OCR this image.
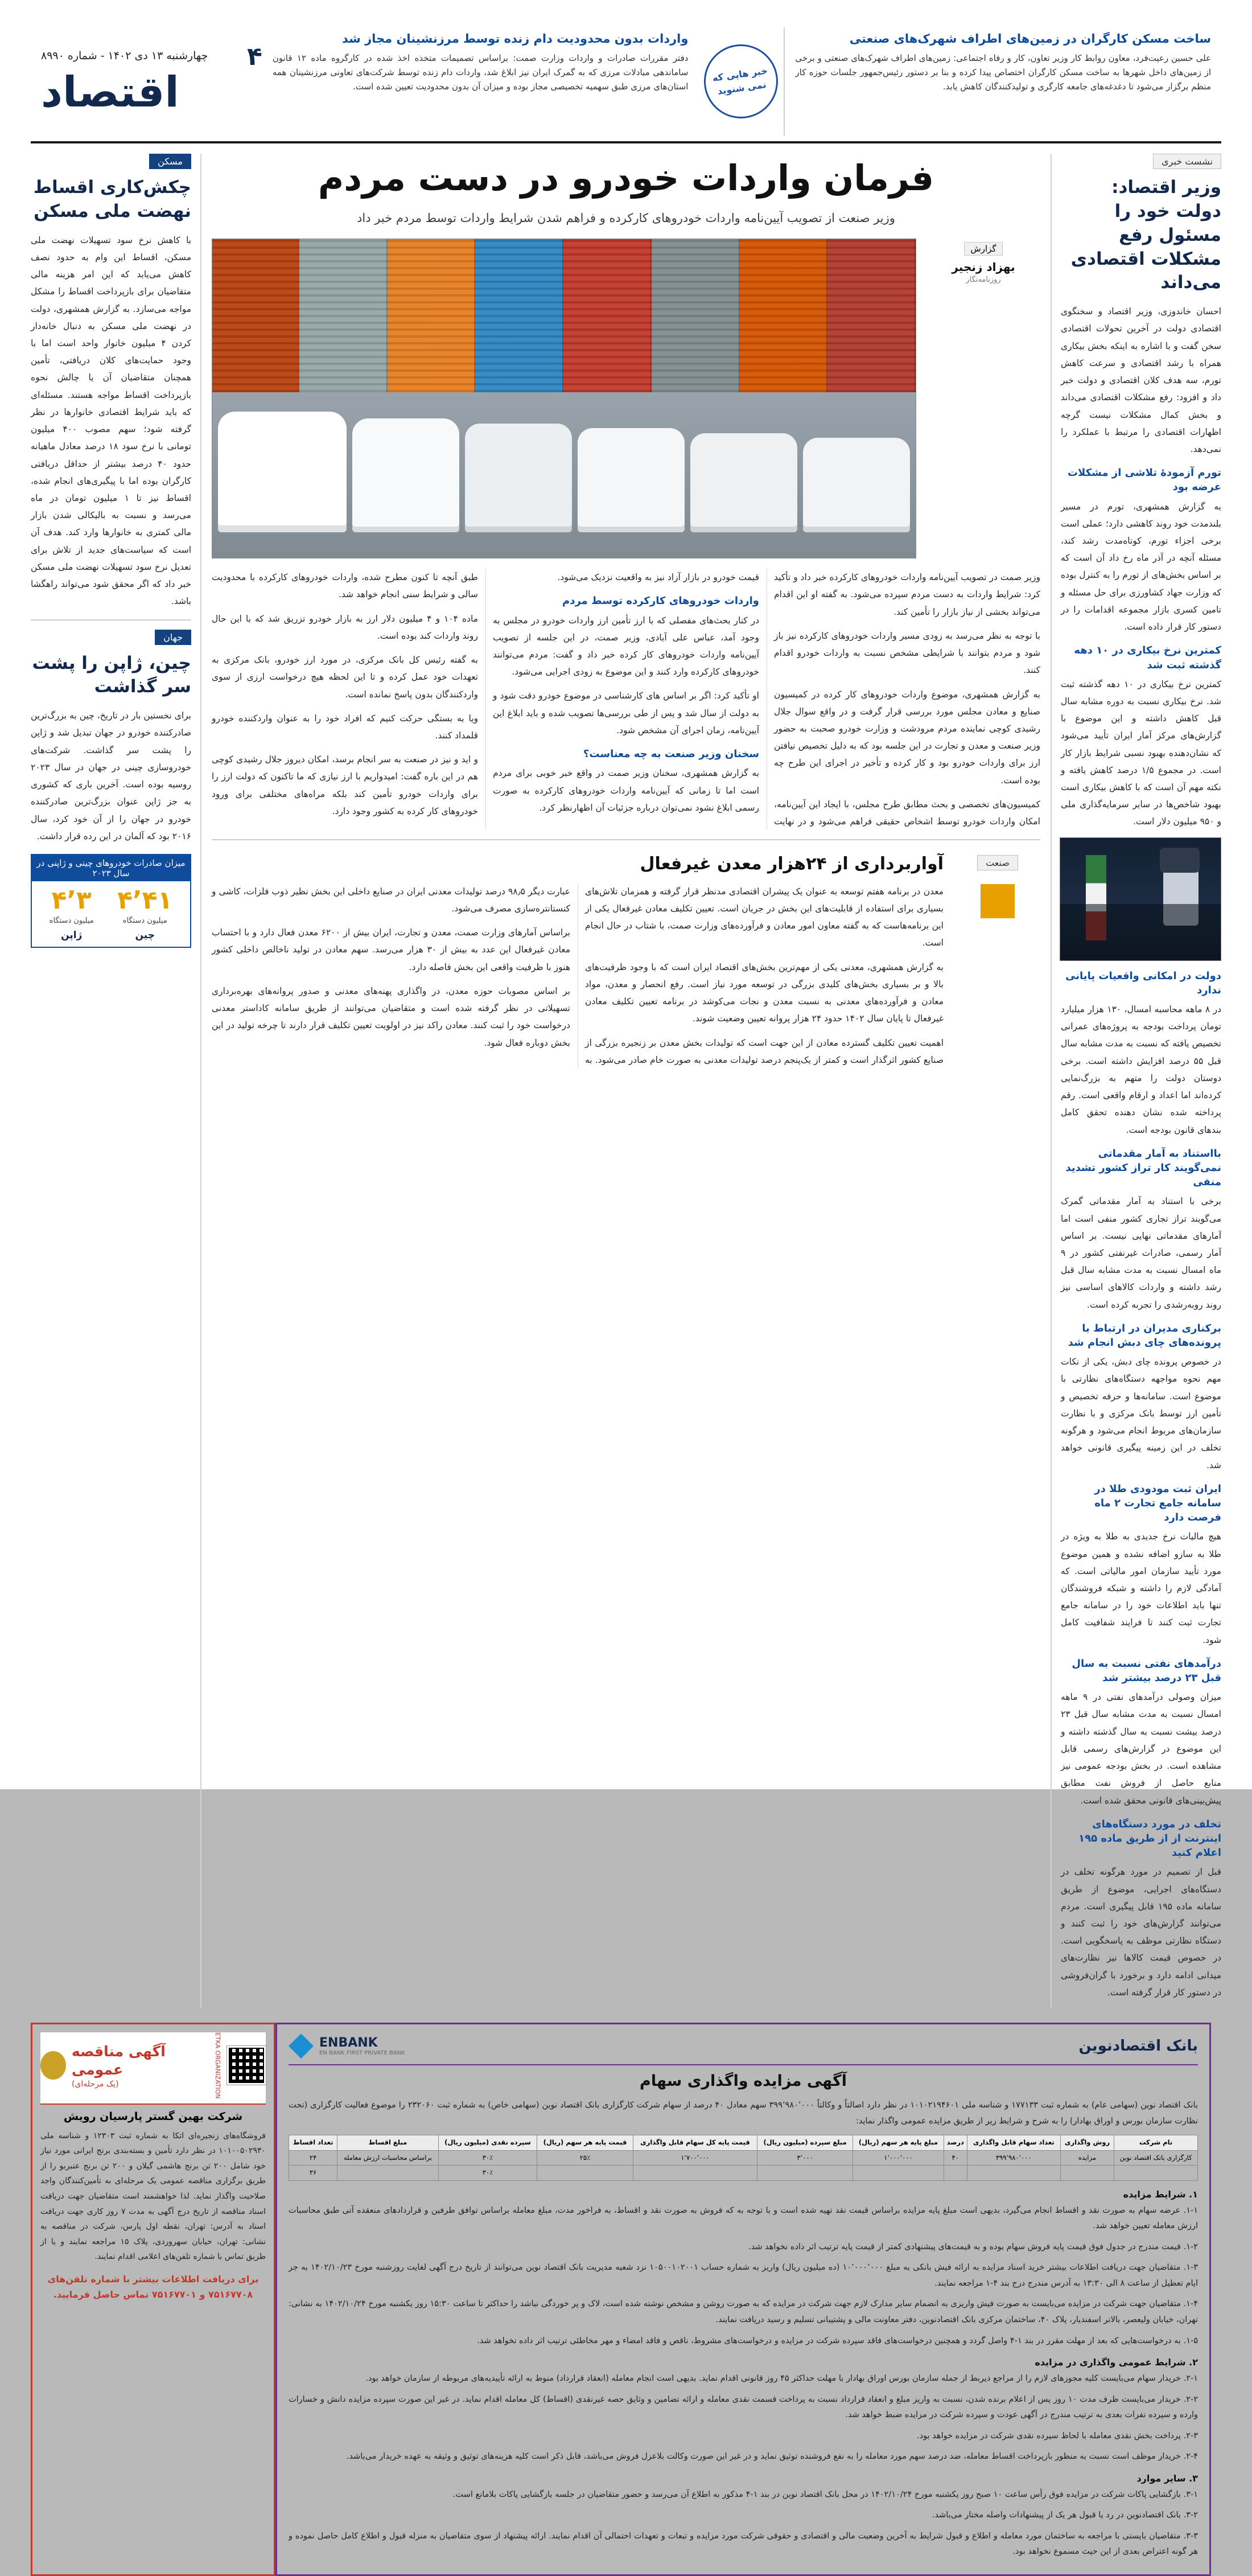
ساخت مسکن کارگران در زمین‌های اطراف شهرک‌های صنعتی

علی حسین رعیت‌فرد، معاون روابط کار وزیر تعاون، کار و رفاه اجتماعی: زمین‌های اطراف شهرک‌های صنعتی و برخی از زمین‌های داخل شهرها به ساخت مسکن کارگران اختصاص پیدا کرده و بنا بر دستور رئیس‌جمهور جلسات حوزه کار منظم برگزار می‌شود تا دغدغه‌های جامعه کارگری و تولیدکنندگان کاهش یابد.

خبر هایی که نمی شنوید
واردات بدون محدودیت دام زنده توسط مرزنشینان مجاز شد

دفتر مقررات صادرات و واردات وزارت صمت: براساس تصمیمات متخذه اخذ شده در کارگروه ماده ۱۲ قانون ساماندهی مبادلات مرزی که به گمرک ایران نیز ابلاغ شد، واردات دام زنده توسط شرکت‌های تعاونی مرزنشینان همه استان‌های مرزی طبق سهمیه تخصیصی مجاز بوده و میزان آن بدون محدودیت تعیین شده است.

۴
چهارشنبه ۱۳ دی ۱۴۰۲ - شماره ۸۹۹۰
اقتصاد
نشست خبری
وزیر اقتصاد: دولت خود را مسئول رفع مشکلات اقتصادی می‌داند

احسان خاندوزی، وزیر اقتصاد و سخنگوی اقتصادی دولت در آخرین تحولات اقتصادی سخن گفت و با اشاره به اینکه بخش بیکاری همراه با رشد اقتصادی و سرعت کاهش تورم، سه هدف کلان اقتصادی و دولت خبر داد و افزود: رفع مشکلات اقتصادی می‌داند و بخش کمال مشکلات نیست گرچه اظهارات اقتصادی را مرتبط با عملکرد را نمی‌دهد.

تورم آزمودهٔ تلاشی از مشکلات عرضه بود

به گزارش همشهری، تورم در مسیر بلندمدت خود روند کاهشی دارد؛ عملی است برخی اجزاء تورم، کوتاه‌مدت رشد کند، مسئله آنچه در آذر ماه رخ داد آن است که بر اساس بخش‌های از تورم را به کنترل بوده که وزارت جهاد کشاورزی برای حل مسئله و تامین کسری بازار مجموعه اقدامات را در دستور کار قرار داده است.

کمترین نرخ بیکاری در ۱۰ دهه گذشته ثبت شد

کمترین نرخ بیکاری در ۱۰ دهه گذشته ثبت شد. نرخ بیکاری نسبت به دوره مشابه سال قبل کاهش داشته و این موضوع با گزارش‌های مرکز آمار ایران تأیید می‌شود که نشان‌دهنده بهبود نسبی شرایط بازار کار است. در مجموع ۱/۵ درصد کاهش یافته و نکته مهم آن است که با کاهش بیکاری است بهبود شاخص‌ها در سایر سرمایه‌گذاری ملی و ۹۵۰ میلیون دلار است.

دولت در امکانی واقعیات پایانی ندارد

در ۸ ماهه محاسبه امسال، ۱۳۰ هزار میلیارد تومان پرداخت بودجه به پروژه‌های عمرانی تخصیص یافته که نسبت به مدت مشابه سال قبل ۵۵ درصد افزایش داشته است. برخی دوستان دولت را متهم به بزرگ‌نمایی کرده‌اند اما اعداد و ارقام واقعی است. رقم پرداخته شده نشان دهنده تحقق کامل بندهای قانون بودجه است.

بااستناد به آمار مقدماتی نمی‌گویند کار تراز کشور تشدید منفی

برخی با استناد به آمار مقدماتی گمرک می‌گویند تراز تجاری کشور منفی است اما آمارهای مقدماتی نهایی نیست. بر اساس آمار رسمی، صادرات غیرنفتی کشور در ۹ ماه امسال نسبت به مدت مشابه سال قبل رشد داشته و واردات کالاهای اساسی نیز روند روبه‌رشدی را تجربه کرده است.

برکناری مدیران در ارتباط با پرونده‌های چای دبش انجام شد

در خصوص پرونده چای دبش، یکی از نکات مهم نحوه مواجهه دستگاه‌های نظارتی با موضوع است. سامانه‌ها و حرفه تخصیص و تأمین ارز توسط بانک مرکزی و با نظارت سازمان‌های مربوط انجام می‌شود و هرگونه تخلف در این زمینه پیگیری قانونی خواهد شد.

ایران ثبت مودودی طلا در سامانه جامع تجارت ۲ ماه فرصت دارد

هیچ مالیات نرخ جدیدی به طلا به ویژه در طلا به سازو اضافه نشده و همین موضوع مورد تأیید سازمان امور مالیاتی است. که آمادگی لازم را داشته و شبکه فروشندگان تنها باید اطلاعات خود را در سامانه جامع تجارت ثبت کنند تا فرایند شفافیت کامل شود.

درآمدهای نفتی نسبت به سال قبل ۲۳ درصد بیشتر شد

میزان وصولی درآمدهای نفتی در ۹ ماهه امسال نسبت به مدت مشابه سال قبل ۲۳ درصد بیشت نسبت به سال گذشته داشته و این موضوع در گزارش‌های رسمی قابل مشاهده است. در بخش بودجه عمومی نیز منابع حاصل از فروش نفت مطابق پیش‌بینی‌های قانونی محقق شده است.

تخلف در مورد دستگاه‌های اینترنت از از طریق ماده ۱۹۵ اعلام کنید

قبل از تصمیم در مورد هرگونه تخلف در دستگاه‌های اجرایی، موضوع از طریق سامانه ماده ۱۹۵ قابل پیگیری است. مردم می‌توانند گزارش‌های خود را ثبت کنند و دستگاه نظارتی موظف به پاسخگویی است. در خصوص قیمت کالاها نیز نظارت‌های میدانی ادامه دارد و برخورد با گران‌فروشی در دستور کار قرار گرفته است.

فرمان واردات خودرو در دست مردم

وزیر صنعت از تصویب آیین‌نامه واردات خودروهای کارکرده و فراهم شدن شرایط واردات توسط مردم خبر داد

گزارش
بهزاد زنجیر
روزنامه‌نگار

وزیر صمت در تصویب آیین‌نامه واردات خودروهای کارکرده خبر داد و تأکید کرد: شرایط واردات به دست مردم سپرده می‌شود. به گفته او این اقدام می‌تواند بخشی از نیاز بازار را تأمین کند.

با توجه به نظر می‌رسد به زودی مسیر واردات خودروهای کارکرده نیز باز شود و مردم بتوانند با شرایطی مشخص نسبت به واردات خودرو اقدام کنند.

به گزارش همشهری، موضوع واردات خودروهای کار کرده در کمیسیون صنایع و معادن مجلس مورد بررسی قرار گرفت و در واقع سوال جلال رشیدی کوچی نماینده مردم مرودشت و وزارت خودرو صحبت به حضور وزیر صنعت و معدن و تجارت در این جلسه بود که به دلیل تخصیص نیافتن ارز برای واردات خودرو بود و کار کرده و تأخیر در اجرای این طرح چه بوده است.

کمیسیون‌های تخصصی و بحث مطابق طرح مجلس، با ایجاد این آیین‌نامه، امکان واردات خودرو توسط اشخاص حقیقی فراهم می‌شود و در نهایت قیمت خودرو در بازار آزاد نیز به واقعیت نزدیک می‌شود.

واردات خودروهای کارکرده توسط مردم

در کنار بحث‌های مفصلی که با ارز تأمین ارز واردات خودرو در مجلس به وجود آمد، عباس علی آبادی، وزیر صمت، در این جلسه از تصویب آیین‌نامه واردات خودروهای کار کرده خبر داد و گفت: مردم می‌توانند خودروهای کارکرده وارد کنند و این موضوع به زودی اجرایی می‌شود.

او تأکید کرد: اگر بر اساس های کارشناسی در موضوع خودرو دقت شود و به دولت از سال شد و پس از طی بررسی‌ها تصویب شده و باید ابلاغ این آیین‌نامه، زمان اجرای آن مشخص شود.

سخنان وزیر صنعت به چه معناست؟

به گزارش همشهری، سخنان وزیر صمت در واقع خبر خوبی برای مردم است اما تا زمانی که آیین‌نامه واردات خودروهای کارکرده به صورت رسمی ابلاغ نشود نمی‌توان درباره جزئیات آن اظهارنظر کرد.

طبق آنچه تا کنون مطرح شده، واردات خودروهای کارکرده با محدودیت سالی و شرایط سنی انجام خواهد شد.

ماده ۱۰۴ و ۴ میلیون دلار ارز به بازار خودرو تزریق شد که با این حال روند واردات کند بوده است.

به گفته رئیس کل بانک مرکزی، در مورد ارز خودرو، بانک مرکزی به تعهدات خود عمل کرده و تا این لحظه هیچ درخواست ارزی از سوی واردکنندگان بدون پاسخ نمانده است.

ویا به بستگی حرکت کنیم که افراد خود را به عنوان واردکننده خودرو قلمداد کنند.

و اید و نیز در صنعت به سر انجام برسد، امکان دیروز جلال رشیدی کوچی هم در این باره گفت: امیدواریم با ارز نیازی که ما تاکنون که دولت ارز را برای واردات خودرو تأمین کند بلکه مراه‌های مختلفی برای ورود خودروهای کار کرده به کشور وجود دارد.

صنعت
آواربرداری از ۲۴هزار معدن غیرفعال

معدن در برنامه هفتم توسعه به عنوان یک پیشران اقتصادی مدنظر قرار گرفته و همزمان تلاش‌های بسیاری برای استفاده از قابلیت‌های این بخش در جریان است. تعیین تکلیف معادن غیرفعال یکی از این برنامه‌هاست که به گفته معاون امور معادن و فرآورده‌های وزارت صمت، با شتاب در حال انجام است.

به گزارش همشهری، معدنی یکی از مهم‌ترین بخش‌های اقتصاد ایران است که با وجود ظرفیت‌های بالا و بر بسیاری بخش‌های کلیدی بزرگی در توسعه مورد نیاز است. رفع انحصار و معدن، مواد معادن و فرآورده‌های معدنی به نسبت معدن و نجات می‌کوشد در برنامه تعیین تکلیف معادن غیرفعال تا پایان سال ۱۴۰۲ حدود ۲۴ هزار پروانه تعیین وضعیت شوند.

اهمیت تعیین تکلیف گسترده معادن از این جهت است که تولیدات بخش معدن بر زنجیره بزرگی از صنایع کشور اثرگذار است و کمتر از یک‌پنجم درصد تولیدات معدنی به صورت خام صادر می‌شود. به عبارت دیگر ۹۸٫۵ درصد تولیدات معدنی ایران در صنایع داخلی این بخش نظیر ذوب فلزات، کاشی و کنستانتره‌سازی مصرف می‌شود.

براساس آمارهای وزارت صمت، معدن و تجارت، ایران بیش از ۶۲۰۰ معدن فعال دارد و با احتساب معادن غیرفعال این عدد به بیش از ۳۰ هزار می‌رسد. سهم معادن در تولید ناخالص داخلی کشور هنوز با ظرفیت واقعی این بخش فاصله دارد.

بر اساس مصوبات حوزه معدن، در واگذاری پهنه‌های معدنی و صدور پروانه‌های بهره‌برداری تسهیلاتی در نظر گرفته شده است و متقاضیان می‌توانند از طریق سامانه کاداستر معدنی درخواست خود را ثبت کنند. معادن راکد نیز در اولویت تعیین تکلیف قرار دارند تا چرخه تولید در این بخش دوباره فعال شود.

مسکن
چکش‌کاری اقساط نهضت ملی مسکن

با کاهش نرخ سود تسهیلات نهضت ملی مسکن، اقساط این وام به حدود نصف کاهش می‌یابد که این امر هزینه مالی متقاضیان برای بازپرداخت اقساط را مشکل مواجه می‌سازد. به گزارش همشهری، دولت در نهضت ملی مسکن به دنبال خانه‌دار کردن ۴ میلیون خانوار واحد است اما با وجود حمایت‌های کلان دریافتی، تأمین همچنان متقاضیان آن یا چالش نحوه بازپرداخت اقساط مواجه هستند. مسئله‌ای که باید شرایط اقتصادی خانوارها در نظر گرفته شود؛ سهم مصوب ۴۰۰ میلیون تومانی با نرخ سود ۱۸ درصد معادل ماهیانه حدود ۴۰ درصد بیشتر از حداقل دریافتی کارگران بوده اما با پیگیری‌های انجام شده، اقساط نیز تا ۱ میلیون تومان در ماه می‌رسد و نسبت به بالیکالی شدن بازار مالی کمتری به خانوارها وارد کند. هدف آن است که سیاست‌های جدید از تلاش برای تعدیل نرخ سود تسهیلات نهضت ملی مسکن خبر داد که اگر محقق شود می‌تواند راهگشا باشد.

جهان
چین، ژاپن را پشت سر گذاشت

برای نخستین بار در تاریخ، چین به بزرگ‌ترین صادرکننده خودرو در جهان تبدیل شد و ژاپن را پشت سر گذاشت. شرکت‌های خودروسازی چینی در جهان در سال ۲۰۲۳ روسیه بوده است. آخرین باری که کشوری به جز ژاپن عنوان بزرگ‌ترین صادرکننده خودرو در جهان را از آن خود کرد، سال ۲۰۱۶ بود که آلمان در این رده قرار داشت.

میزان صادرات خودروهای چینی و ژاپنی در سال ۲۰۲۳
۴٬۴۱
میلیون دستگاه
چین
۴٬۳
میلیون دستگاه
ژاپن
بانک اقتصادنوین
ENBANK
EN BANK FIRST PRIVATE BANK
آگهی مزایده واگذاری سهام

بانک اقتصاد نوین (سهامی عام) به شماره ثبت ۱۷۷۱۳۳ و شناسه ملی ۱۰۱۰۲۱۹۴۶۰۱ در نظر دارد اصالتاً و وکالتاً ۳۹۹٬۹۸۰٬۰۰۰ سهم معادل ۴۰ درصد از سهام شرکت کارگزاری بانک اقتصاد نوین (سهامی خاص) به شماره ثبت ۲۳۲۰۶۰ را موضوع فعالیت کارگزاری (تحت نظارت سازمان بورس و اوراق بهادار) را به شرح و شرایط زیر از طریق مزایده عمومی واگذار نماید:

نام شرکت	روش واگذاری	تعداد سهام قابل واگذاری	درصد	مبلغ پایه هر سهم (ریال)	مبلغ سپرده (میلیون ریال)	قیمت پایه کل سهام قابل واگذاری	قیمت پایه هر سهم (ریال)	سپرده نقدی (میلیون ریال)	مبلغ اقساط	تعداد اقساط
کارگزاری بانک اقتصاد نوین	مزایده	۳۹۹٬۹۸۰٬۰۰۰	۴۰	۱٬۰۰۰٬۰۰۰	۳٬۰۰۰	۱٬۷۰۰٬۰۰۰	۲۵٪	۳۰٪	براساس محاسبات ارزش معامله	۲۴
								۳۰٪		۳۶
۱. شرایط مزایده

۱-۱. عرضه سهام به صورت نقد و اقساط انجام می‌گیرد، بدیهی است مبلغ پایه مزایده براساس قیمت نقد تهیه شده است و با توجه به که فروش به صورت نقد و اقساط، به فراخور مدت، مبلغ معامله براساس توافق طرفین و قراردادهای منعقده آتی طبق محاسبات ارزش معامله تعیین خواهد شد.

۱-۲. قیمت مندرج در جدول فوق قیمت پایه فروش سهام بوده و به قیمت‌های پیشنهادی کمتر از قیمت پایه ترتیب اثر داده نخواهد شد.

۱-۳. متقاضیان جهت دریافت اطلاعات بیشتر خرید اسناد مزایده به ارائه فیش بانکی به مبلغ ۱۰٬۰۰۰٬۰۰۰ (ده میلیون ریال) واریز به شماره حساب ۱۰۵۰۰۱۰۲۰۰۱ نزد شعبه مدیریت بانک اقتصاد نوین می‌توانند از تاریخ درج آگهی لغایت روزشنبه مورخ ۱۴۰۲/۱۰/۲۳ به جز ایام تعطیل از ساعت ۸ الی ۱۳:۳۰ به آدرس مندرج درج بند ۴-۱ مراجعه نمایند.

۱-۴. متقاضیان جهت شرکت در مزایده می‌بایست به صورت فیش واریزی به انضمام سایر مدارک لازم جهت شرکت در مزایده که به صورت روشن و مشخص نوشته شده است، لاک و پر خوردگی نباشد را حداکثر تا ساعت ۱۵:۳۰ روز یکشنبه مورخ ۱۴۰۲/۱۰/۲۴ به نشانی: تهران، خیابان ولیعصر، بالاتر اسفندیار، پلاک ۴۰، ساختمان مرکزی بانک اقتصادنوین، دفتر معاونت مالی و پشتیبانی تسلیم و رسید دریافت نمایند.

۱-۵. به درخواست‌هایی که بعد از مهلت مقرر در بند ۱-۴ واصل گردد و همچنین درخواست‌های فاقد سپرده شرکت در مزایده و درخواست‌های مشروط، ناقص و فاقد امضاء و مهر مخاطئی ترتیب اثر داده نخواهد شد.

۲. شرایط عمومی واگذاری در مزایده

۲-۱. خریدار سهام می‌بایست کلیه مجوزهای لازم را از مراجع ذیربط از جمله سازمان بورس اوراق بهادار با مهلت حداکثر ۴۵ روز قانونی اقدام نماید. بدیهی است انجام معامله (انعقاد قرارداد) منوط به ارائه تأییدیه‌های مربوطه از سازمان خواهد بود.

۲-۲. خریدار می‌بایست ظرف مدت ۱۰ روز پس از اعلام برنده شدن، نسبت به واریز مبلغ و انعقاد قرارداد نسبت به پرداخت قسمت نقدی معامله و ارائه تضامین و وثایق حصه غیرنقدی (اقساط) کل معامله اقدام نماید. در غیر این صورت سپرده مزایده دانش و خسارات وارده و سپرده نفرات بعدی به ترتیب مندرج در آگهی عودت و سپرده شرکت در مزایده ضبط خواهد شد.

۲-۳. پرداخت بخش نقدی معامله با لحاظ سپرده نقدی شرکت در مزایده خواهد بود.

۲-۴. خریدار موظف است نسبت به منظور بازپرداخت اقساط معامله، ضد درصد سهم مورد معامله را به نفع فروشنده توثیق نماید و در غیر این صورت وکالت بلاعزل فروش می‌باشد، قابل ذکر است کلیه هزینه‌های توثیق و وثیقه به عهده خریدار می‌باشد.

۳. سایر موارد

۳-۱. بازگشایی پاکات شرکت در مزایده فوق رأس ساعت ۱۰ صبح روز یکشنبه مورخ ۱۴۰۲/۱۰/۲۴ در محل بانک اقتصاد نوین در بند ۱-۴ مذکور به اطلاع آن می‌رسد و حضور متقاضیان در جلسه بازگشایی پاکات بلامانع است.

۳-۲. بانک اقتصادنوین در رد یا قبول هر یک از پیشنهادات واصله مختار می‌باشد.

۳-۳. متقاضیان بایستی با مراجعه به ساختمان مورد معامله و اطلاع و قبول شرایط به آخرین وضعیت مالی و اقتصادی و حقوقی شرکت مورد مزایده و تبعات و تعهدات احتمالی آن اقدام نمایند. ارائه پیشنهاد از سوی متقاضیان به منزله قبول و اطلاع کامل حاصل نموده و هر گونه اعتراض بعدی از این حیث مسموع نخواهد بود.

ETKA ORGANIZATION
آگهی مناقصه عمومی
(یک مرحله‌ای)
شرکت بهین گستر پارسیان رویش
فروشگاه‌های زنجیره‌ای اتکا به شماره ثبت ۱۲۳۰۳ و شناسه ملی ۱۰۱۰۰۵۰۲۹۳۰ در نظر دارد تأمین و بسته‌بندی برنج ایرانی مورد نیاز خود شامل ۲۰۰ تن برنج هاشمی گیلان و ۲۰۰ تن برنج عنبربو را از طریق برگزاری مناقصه عمومی یک مرحله‌ای به تأمین‌کنندگان واجد صلاحیت واگذار نماید. لذا خواهشمند است متقاضیان جهت دریافت اسناد مناقصه از تاریخ درج آگهی به مدت ۷ روز کاری جهت دریافت اسناد به آدرس: تهران، نقطه اول پارس، شرکت در مناقصه به نشانی: تهران، خیابان سهروردی، پلاک ۱۵ مراجعه نمایند و یا از طریق تماس با شماره تلفن‌های اعلامی اقدام نمایند.
برای دریافت اطلاعات بیشتر با شماره تلفن‌های ۷۵۱۶۷۷۰۸ و ۷۵۱۶۷۷۰۱ تماس حاصل فرمایید.
